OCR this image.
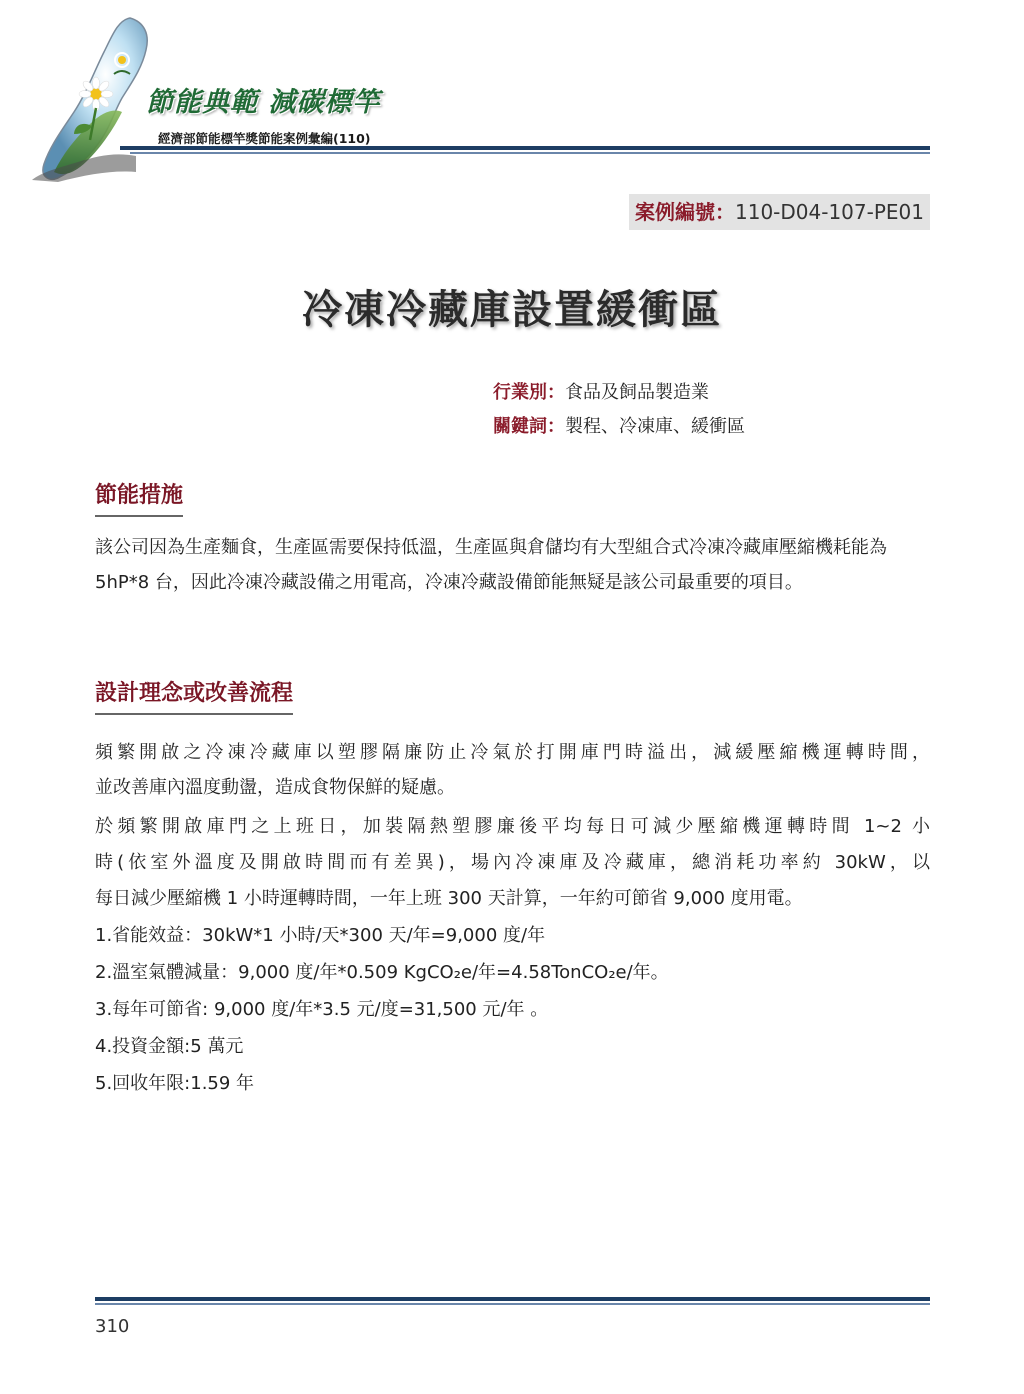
節能典範 減碳標竿
經濟部節能標竿獎節能案例彙編(110)
案例編號：110-D04-107-PE01
冷凍冷藏庫設置緩衝區
行業別：食品及飼品製造業
關鍵詞：製程、冷凍庫、緩衝區
節能措施

該公司因為生產麵食，生產區需要保持低溫，生產區與倉儲均有大型組合式冷凍冷藏庫壓縮機耗能為 5hP*8 台，因此冷凍冷藏設備之用電高，冷凍冷藏設備節能無疑是該公司最重要的項目。

設計理念或改善流程
頻繁開啟之冷凍冷藏庫以塑膠隔廉防止冷氣於打開庫門時溢出，減緩壓縮機運轉時間，
並改善庫內溫度動盪，造成食物保鮮的疑慮。
於頻繁開啟庫門之上班日，加裝隔熱塑膠廉後平均每日可減少壓縮機運轉時間 1~2 小
時(依室外溫度及開啟時間而有差異)，場內冷凍庫及冷藏庫，總消耗功率約 30kW，以
每日減少壓縮機 1 小時運轉時間，一年上班 300 天計算，一年約可節省 9,000 度用電。
1.省能效益：30kW*1 小時/天*300 天/年=9,000 度/年
2.溫室氣體減量：9,000 度/年*0.509 KgCO₂e/年=4.58TonCO₂e/年。
3.每年可節省: 9,000 度/年*3.5 元/度=31,500 元/年 。
4.投資金額:5 萬元
5.回收年限:1.59 年
310
